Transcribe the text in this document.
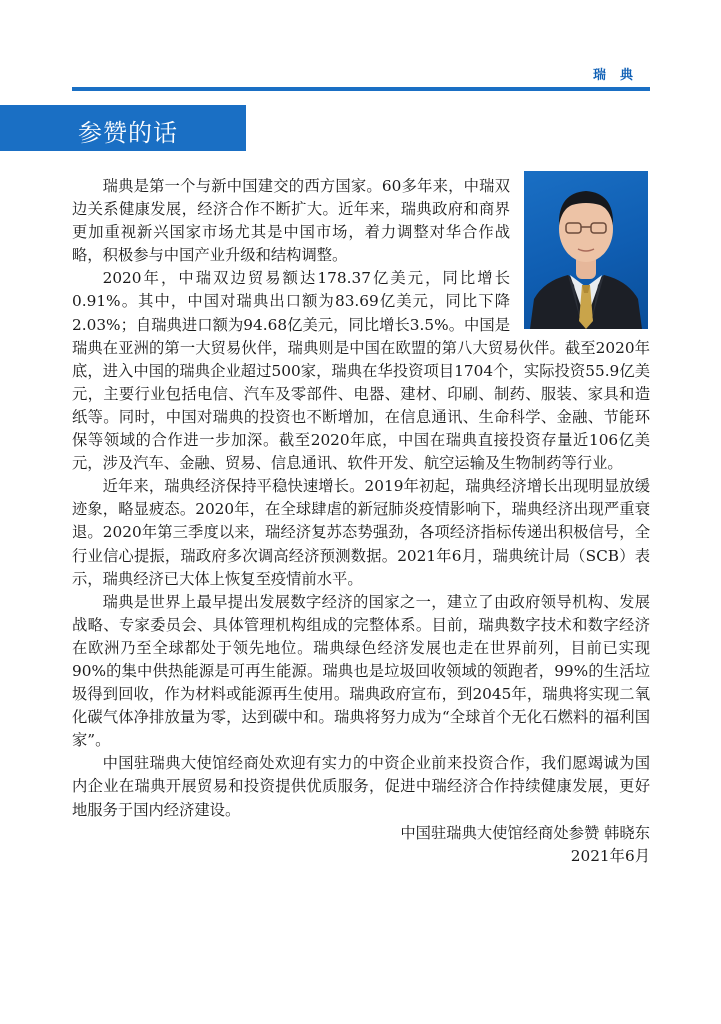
瑞典
参赞的话

瑞典是第一个与新中国建交的西方国家。60多年来，中瑞双边关系健康发展，经济合作不断扩大。近年来，瑞典政府和商界更加重视新兴国家市场尤其是中国市场，着力调整对华合作战略，积极参与中国产业升级和结构调整。

2020年，中瑞双边贸易额达178.37亿美元，同比增长0.91%。其中，中国对瑞典出口额为83.69亿美元，同比下降2.03%；自瑞典进口额为94.68亿美元，同比增长3.5%。中国是瑞典在亚洲的第一大贸易伙伴，瑞典则是中国在欧盟的第八大贸易伙伴。截至2020年底，进入中国的瑞典企业超过500家，瑞典在华投资项目1704个，实际投资55.9亿美元，主要行业包括电信、汽车及零部件、电器、建材、印刷、制药、服装、家具和造纸等。同时，中国对瑞典的投资也不断增加，在信息通讯、生命科学、金融、节能环保等领域的合作进一步加深。截至2020年底，中国在瑞典直接投资存量近106亿美元，涉及汽车、金融、贸易、信息通讯、软件开发、航空运输及生物制药等行业。

近年来，瑞典经济保持平稳快速增长。2019年初起，瑞典经济增长出现明显放缓迹象，略显疲态。2020年，在全球肆虐的新冠肺炎疫情影响下，瑞典经济出现严重衰退。2020年第三季度以来，瑞经济复苏态势强劲，各项经济指标传递出积极信号，全行业信心提振，瑞政府多次调高经济预测数据。2021年6月，瑞典统计局（SCB）表示，瑞典经济已大体上恢复至疫情前水平。

瑞典是世界上最早提出发展数字经济的国家之一，建立了由政府领导机构、发展战略、专家委员会、具体管理机构组成的完整体系。目前，瑞典数字技术和数字经济在欧洲乃至全球都处于领先地位。瑞典绿色经济发展也走在世界前列，目前已实现90%的集中供热能源是可再生能源。瑞典也是垃圾回收领域的领跑者，99%的生活垃圾得到回收，作为材料或能源再生使用。瑞典政府宣布，到2045年，瑞典将实现二氧化碳气体净排放量为零，达到碳中和。瑞典将努力成为“全球首个无化石燃料的福利国家”。

中国驻瑞典大使馆经商处欢迎有实力的中资企业前来投资合作，我们愿竭诚为国内企业在瑞典开展贸易和投资提供优质服务，促进中瑞经济合作持续健康发展，更好地服务于国内经济建设。

中国驻瑞典大使馆经商处参赞 韩晓东

2021年6月
